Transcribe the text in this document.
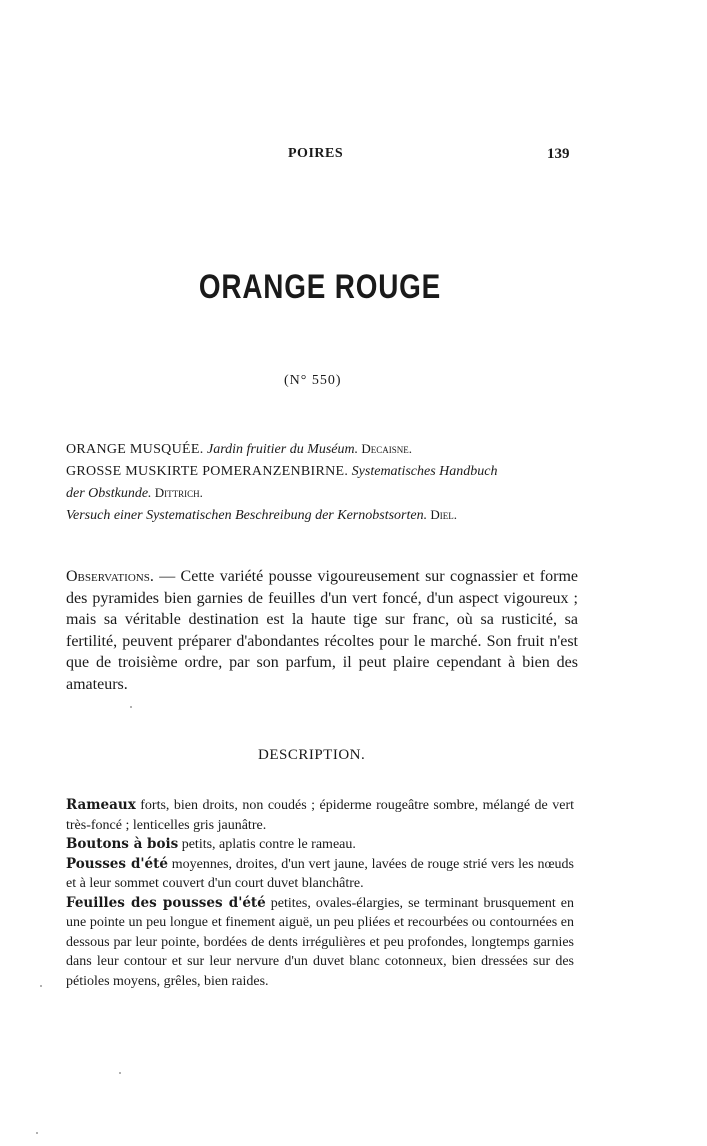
POIRES	139
ORANGE ROUGE
(N° 550)
ORANGE MUSQUÉE. Jardin fruitier du Muséum. Decaisne.
GROSSE MUSKIRTE POMERANZENBIRNE. Systematisches Handbuch
der Obstkunde. Dittrich.
Versuch einer Systematischen Beschreibung der Kernobstsorten. Diel.
Observations. — Cette variété pousse vigoureusement sur cognassier et forme des pyramides bien garnies de feuilles d'un vert foncé, d'un aspect vigoureux ; mais sa véritable destination est la haute tige sur franc, où sa rusticité, sa fertilité, peuvent préparer d'abondantes récoltes pour le marché. Son fruit n'est que de troisième ordre, par son parfum, il peut plaire cependant à bien des amateurs.
DESCRIPTION.

Rameaux forts, bien droits, non coudés ; épiderme rougeâtre sombre, mélangé de vert très-foncé ; lenticelles gris jaunâtre.

Boutons à bois petits, aplatis contre le rameau.

Pousses d'été moyennes, droites, d'un vert jaune, lavées de rouge strié vers les nœuds et à leur sommet couvert d'un court duvet blanchâtre.

Feuilles des pousses d'été petites, ovales-élargies, se terminant brusquement en une pointe un peu longue et finement aiguë, un peu pliées et recourbées ou contournées en dessous par leur pointe, bordées de dents irrégulières et peu profondes, longtemps garnies dans leur contour et sur leur nervure d'un duvet blanc cotonneux, bien dressées sur des pétioles moyens, grêles, bien raides.
